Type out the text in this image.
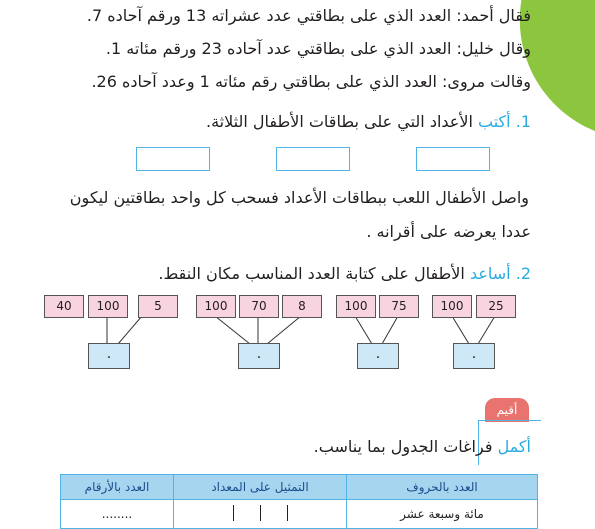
فقال أحمد: العدد الذي على بطاقتي عدد عشراته 13 ورقم آحاده 7.
وقال خليل: العدد الذي على بطاقتي عدد آحاده 23 ورقم مئاته 1.
وقالت مروى: العدد الذي على بطاقتي رقم مئاته 1 وعدد آحاده 26.
1. أكتب الأعداد التي على بطاقات الأطفال الثلاثة.
واصل الأطفال اللعب ببطاقات الأعداد فسحب كل واحد بطاقتين ليكون
عددا يعرضه على أقرانه .
2. أساعد الأطفال على كتابة العدد المناسب مكان النقط.
25
100
75
100
8
70
100
5
100
40
.
.
.
.
أقيم
أكمل فراغات الجدول بما يناسب.
العدد بالحروف	التمثيل على المعداد	العدد بالأرقام
مائة وسبعة عشر		........
